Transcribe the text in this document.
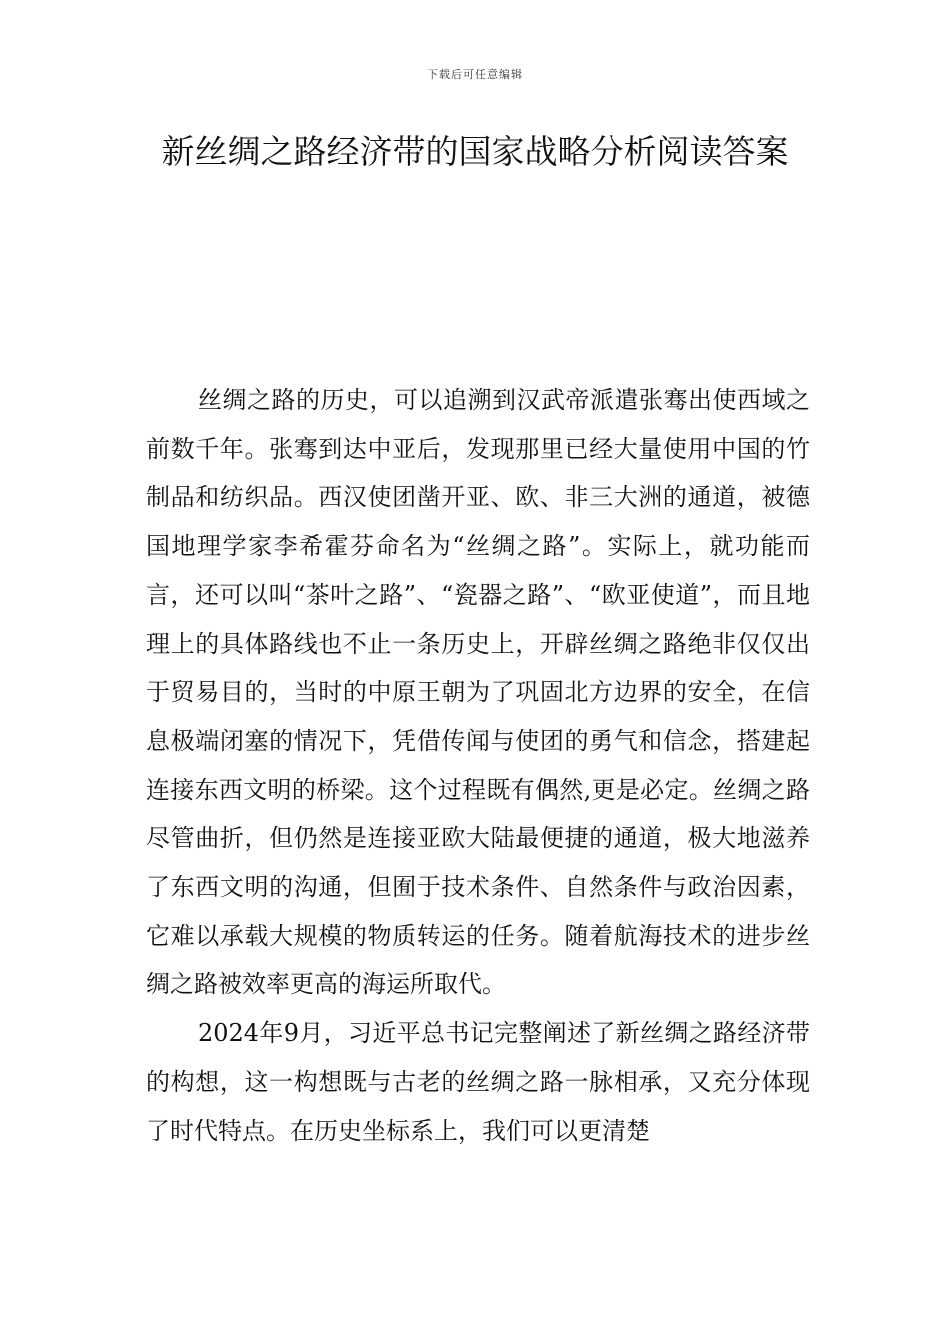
下载后可任意编辑
新丝绸之路经济带的国家战略分析阅读答案

丝绸之路的历史，可以追溯到汉武帝派遣张骞出使西域之前数千年。张骞到达中亚后，发现那里已经大量使用中国的竹制品和纺织品。西汉使团凿开亚、欧、非三大洲的通道，被德国地理学家李希霍芬命名为“丝绸之路”。实际上，就功能而言，还可以叫“茶叶之路”、“瓷器之路”、“欧亚使道”，而且地理上的具体路线也不止一条历史上，开辟丝绸之路绝非仅仅出于贸易目的，当时的中原王朝为了巩固北方边界的安全，在信息极端闭塞的情况下，凭借传闻与使团的勇气和信念，搭建起连接东西文明的桥梁。这个过程既有偶然,更是必定。丝绸之路尽管曲折，但仍然是连接亚欧大陆最便捷的通道，极大地滋养了东西文明的沟通，但囿于技术条件、自然条件与政治因素，它难以承载大规模的物质转运的任务。随着航海技术的进步丝绸之路被效率更高的海运所取代。

2024年9月，习近平总书记完整阐述了新丝绸之路经济带的构想，这一构想既与古老的丝绸之路一脉相承，又充分体现了时代特点。在历史坐标系上，我们可以更清楚
